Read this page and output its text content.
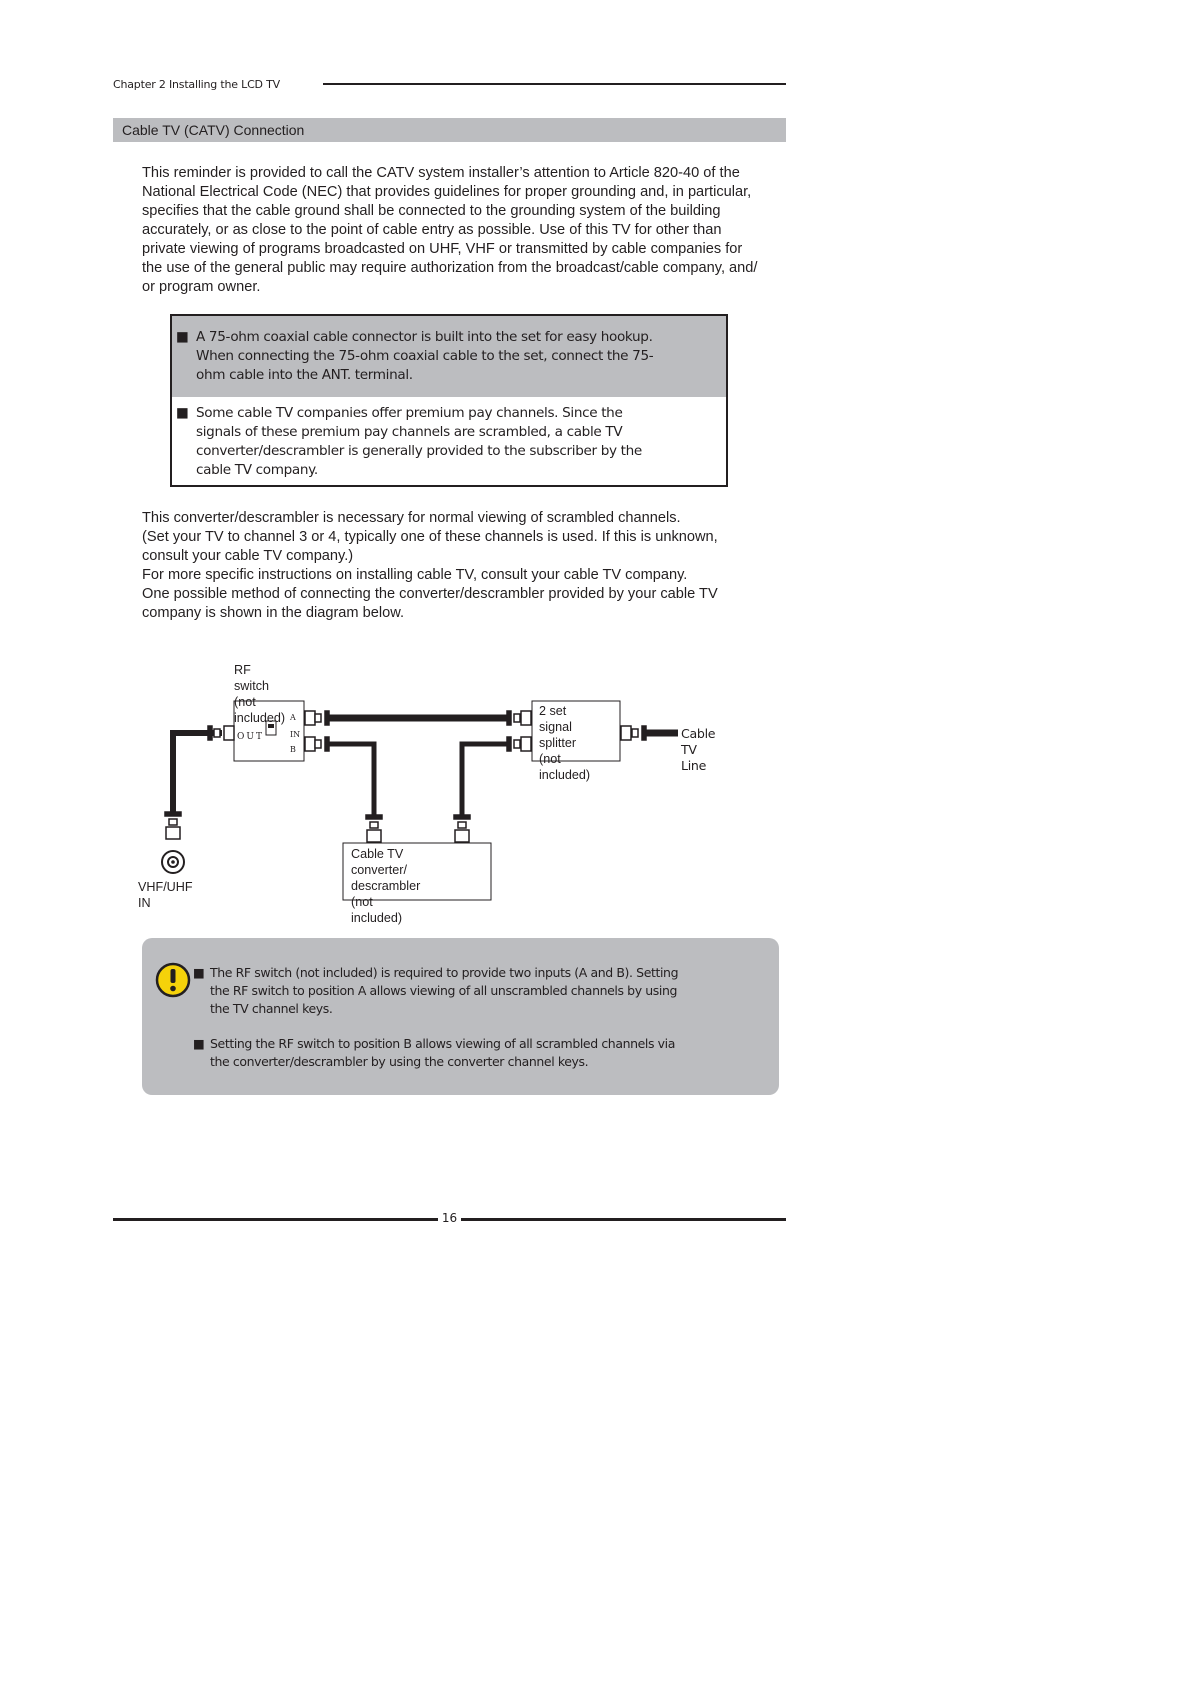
Chapter 2 Installing the LCD TV
Cable TV (CATV) Connection

This reminder is provided to call the CATV system installer’s attention to Article 820-40 of the

National Electrical Code (NEC) that provides guidelines for proper grounding and, in particular,

specifies that the cable ground shall be connected to the grounding system of the building

accurately, or as close to the point of cable entry as possible. Use of this TV for other than

private viewing of programs broadcasted on UHF, VHF or transmitted by cable companies for

the use of the general public may require authorization from the broadcast/cable company, and/

or program owner.

■ A 75-ohm coaxial cable connector is built into the set for easy hookup.
When connecting the 75-ohm coaxial cable to the set, connect the 75-
ohm cable into the ANT. terminal.
■ Some cable TV companies offer premium pay channels. Since the
signals of these premium pay channels are scrambled, a cable TV
converter/descrambler is generally provided to the subscriber by the
cable TV company.

This converter/descrambler is necessary for normal viewing of scrambled channels.

(Set your TV to channel 3 or 4, typically one of these channels is used. If this is unknown,

consult your cable TV company.)

For more specific instructions on installing cable TV, consult your cable TV company.

One possible method of connecting the converter/descrambler provided by your cable TV

company is shown in the diagram below.

OUT
A
IN
B
RF switch
(not included)	2 set signal
splitter
(not included)
Cable TV Line
Cable TV converter/
descrambler
(not included)
VHF/UHF IN
■ The RF switch (not included) is required to provide two inputs (A and B). Setting
the RF switch to position A allows viewing of all unscrambled channels by using
the TV channel keys.
■ Setting the RF switch to position B allows viewing of all scrambled channels via
the converter/descrambler by using the converter channel keys.
16
